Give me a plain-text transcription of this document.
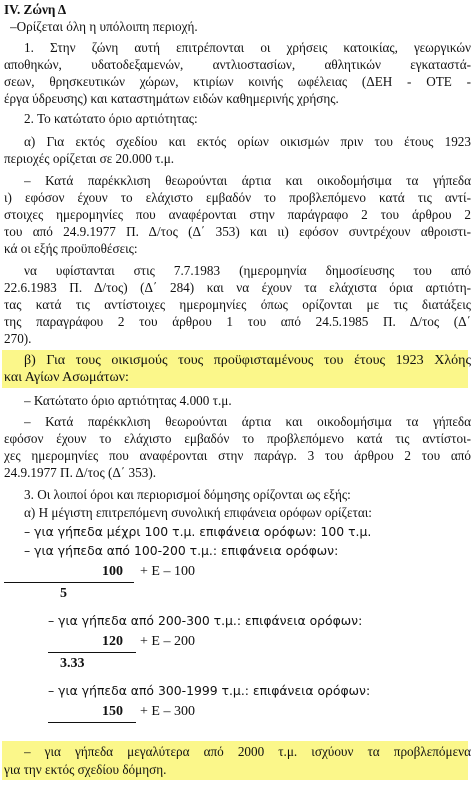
IV. Ζώνη Δ
–Ορίζεται όλη η υπόλοιπη περιοχή.
1. Στην ζώνη αυτή επιτρέπονται οι χρήσεις κατοικίας, γεωργικών
αποθηκών, υδατοδεξαμενών, αντλιοστασίων, αθλητικών εγκαταστά-
σεων, θρησκευτικών χώρων, κτιρίων κοινής ωφέλειας (ΔΕΗ - ΟΤΕ -
έργα ύδρευσης) και καταστημάτων ειδών καθημερινής χρήσης.
2. Το κατώτατο όριο αρτιότητας:
α) Για εκτός σχεδίου και εκτός ορίων οικισμών πριν του έτους 1923
περιοχές ορίζεται σε 20.000 τ.μ.
– Κατά παρέκκλιση θεωρούνται άρτια και οικοδομήσιμα τα γήπεδα
ι) εφόσον έχουν το ελάχιστο εμβαδόν το προβλεπόμενο κατά τις αντί-
στοιχες ημερομηνίες που αναφέρονται στην παράγραφο 2 του άρθρου 2
του από 24.9.1977 Π. Δ/τος (Δ΄ 353) και ιι) εφόσον συντρέχουν αθροιστι-
κά οι εξής προϋποθέσεις:
να υφίστανται στις 7.7.1983 (ημερομηνία δημοσίευσης του από
22.6.1983 Π. Δ/τος) (Δ΄ 284) και να έχουν τα ελάχιστα όρια αρτιότη-
τας κατά τις αντίστοιχες ημερομηνίες όπως ορίζονται με τις διατάξεις
της παραγράφου 2 του άρθρου 1 του από 24.5.1985 Π. Δ/τος (Δ΄
270).
β) Για τους οικισμούς τους προϋφισταμένους του έτους 1923 Χλόης
και Αγίων Ασωμάτων:
– Κατώτατο όριο αρτιότητας 4.000 τ.μ.
– Κατά παρέκκλιση θεωρούνται άρτια και οικοδομήσιμα τα γήπεδα
εφόσον έχουν το ελάχιστο εμβαδόν το προβλεπόμενο κατά τις αντίστοι-
χες ημερομηνίες που αναφέρονται στην παράγρ. 3 του άρθρου 2 του από
24.9.1977 Π. Δ/τος (Δ΄ 353).
3. Οι λοιποί όροι και περιορισμοί δόμησης ορίζονται ως εξής:
α) Η μέγιστη επιτρεπόμενη συνολική επιφάνεια ορόφων ορίζεται:
– για γήπεδα μέχρι 100 τ.μ. επιφάνεια ορόφων: 100 τ.μ.
– για γήπεδα από 100-200 τ.μ.: επιφάνεια ορόφων:
100 + Ε – 100
5
– για γήπεδα από 200-300 τ.μ.: επιφάνεια ορόφων:
120 + Ε – 200
3.33
– για γήπεδα από 300-1999 τ.μ.: επιφάνεια ορόφων:
150 + Ε – 300
– για γήπεδα μεγαλύτερα από 2000 τ.μ. ισχύουν τα προβλεπόμενα
για την εκτός σχεδίου δόμηση.
